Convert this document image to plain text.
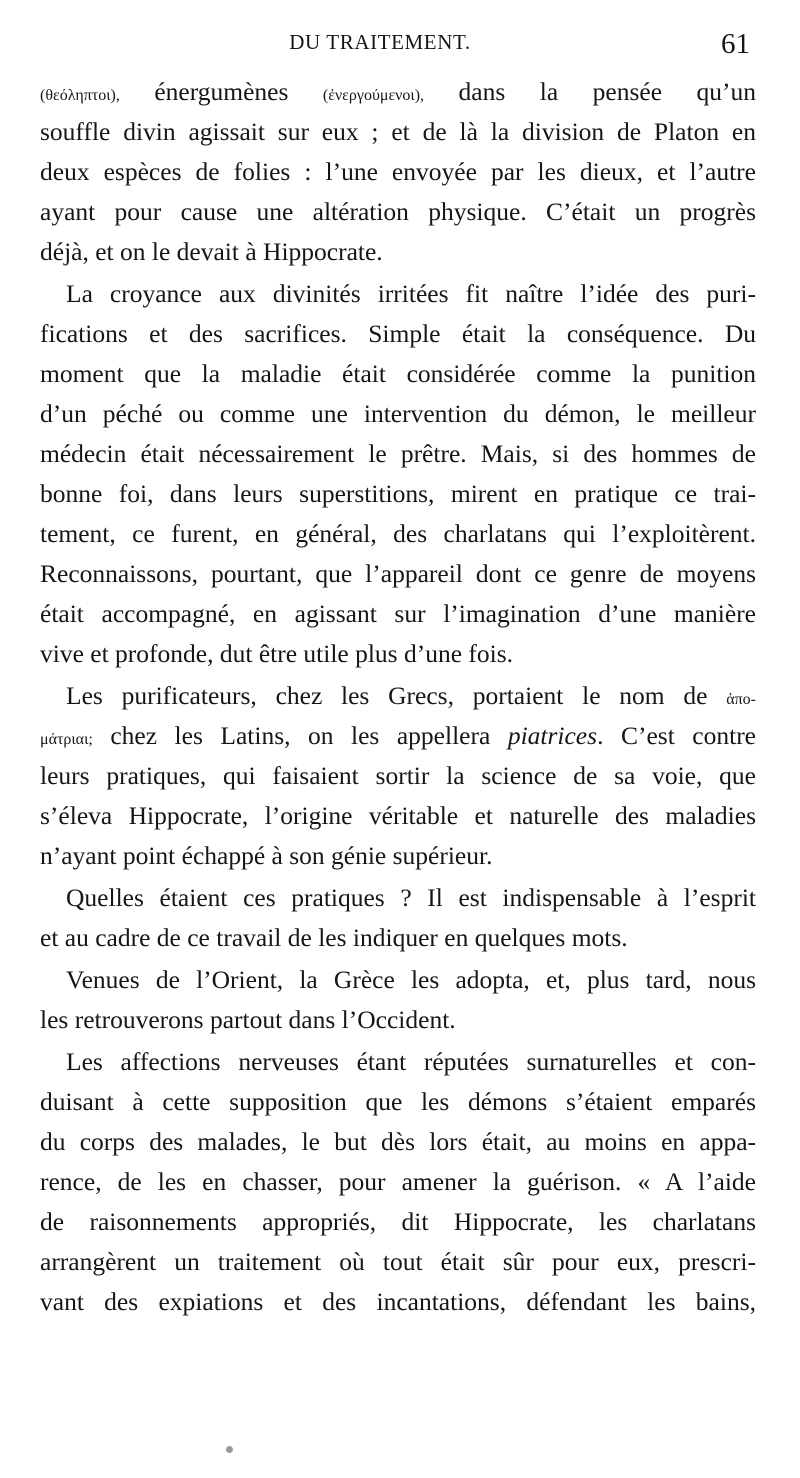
DU TRAITEMENT.	61
(θεόληπτοι), énergumènes (ἐνεργούμενοι), dans la pensée qu’un
souffle divin agissait sur eux ; et de là la division de Platon en
deux espèces de folies : l’une envoyée par les dieux, et l’autre
ayant pour cause une altération physique. C’était un progrès
déjà, et on le devait à Hippocrate.
La croyance aux divinités irritées fit naître l’idée des puri-
fications et des sacrifices. Simple était la conséquence. Du
moment que la maladie était considérée comme la punition
d’un péché ou comme une intervention du démon, le meilleur
médecin était nécessairement le prêtre. Mais, si des hommes de
bonne foi, dans leurs superstitions, mirent en pratique ce trai-
tement, ce furent, en général, des charlatans qui l’exploitèrent.
Reconnaissons, pourtant, que l’appareil dont ce genre de moyens
était accompagné, en agissant sur l’imagination d’une manière
vive et profonde, dut être utile plus d’une fois.
Les purificateurs, chez les Grecs, portaient le nom de ἀπο-
μάτριαι; chez les Latins, on les appellera piatrices. C’est contre
leurs pratiques, qui faisaient sortir la science de sa voie, que
s’éleva Hippocrate, l’origine véritable et naturelle des maladies
n’ayant point échappé à son génie supérieur.
Quelles étaient ces pratiques ? Il est indispensable à l’esprit
et au cadre de ce travail de les indiquer en quelques mots.
Venues de l’Orient, la Grèce les adopta, et, plus tard, nous
les retrouverons partout dans l’Occident.
Les affections nerveuses étant réputées surnaturelles et con-
duisant à cette supposition que les démons s’étaient emparés
du corps des malades, le but dès lors était, au moins en appa-
rence, de les en chasser, pour amener la guérison. « A l’aide
de raisonnements appropriés, dit Hippocrate, les charlatans
arrangèrent un traitement où tout était sûr pour eux, prescri-
vant des expiations et des incantations, défendant les bains,
